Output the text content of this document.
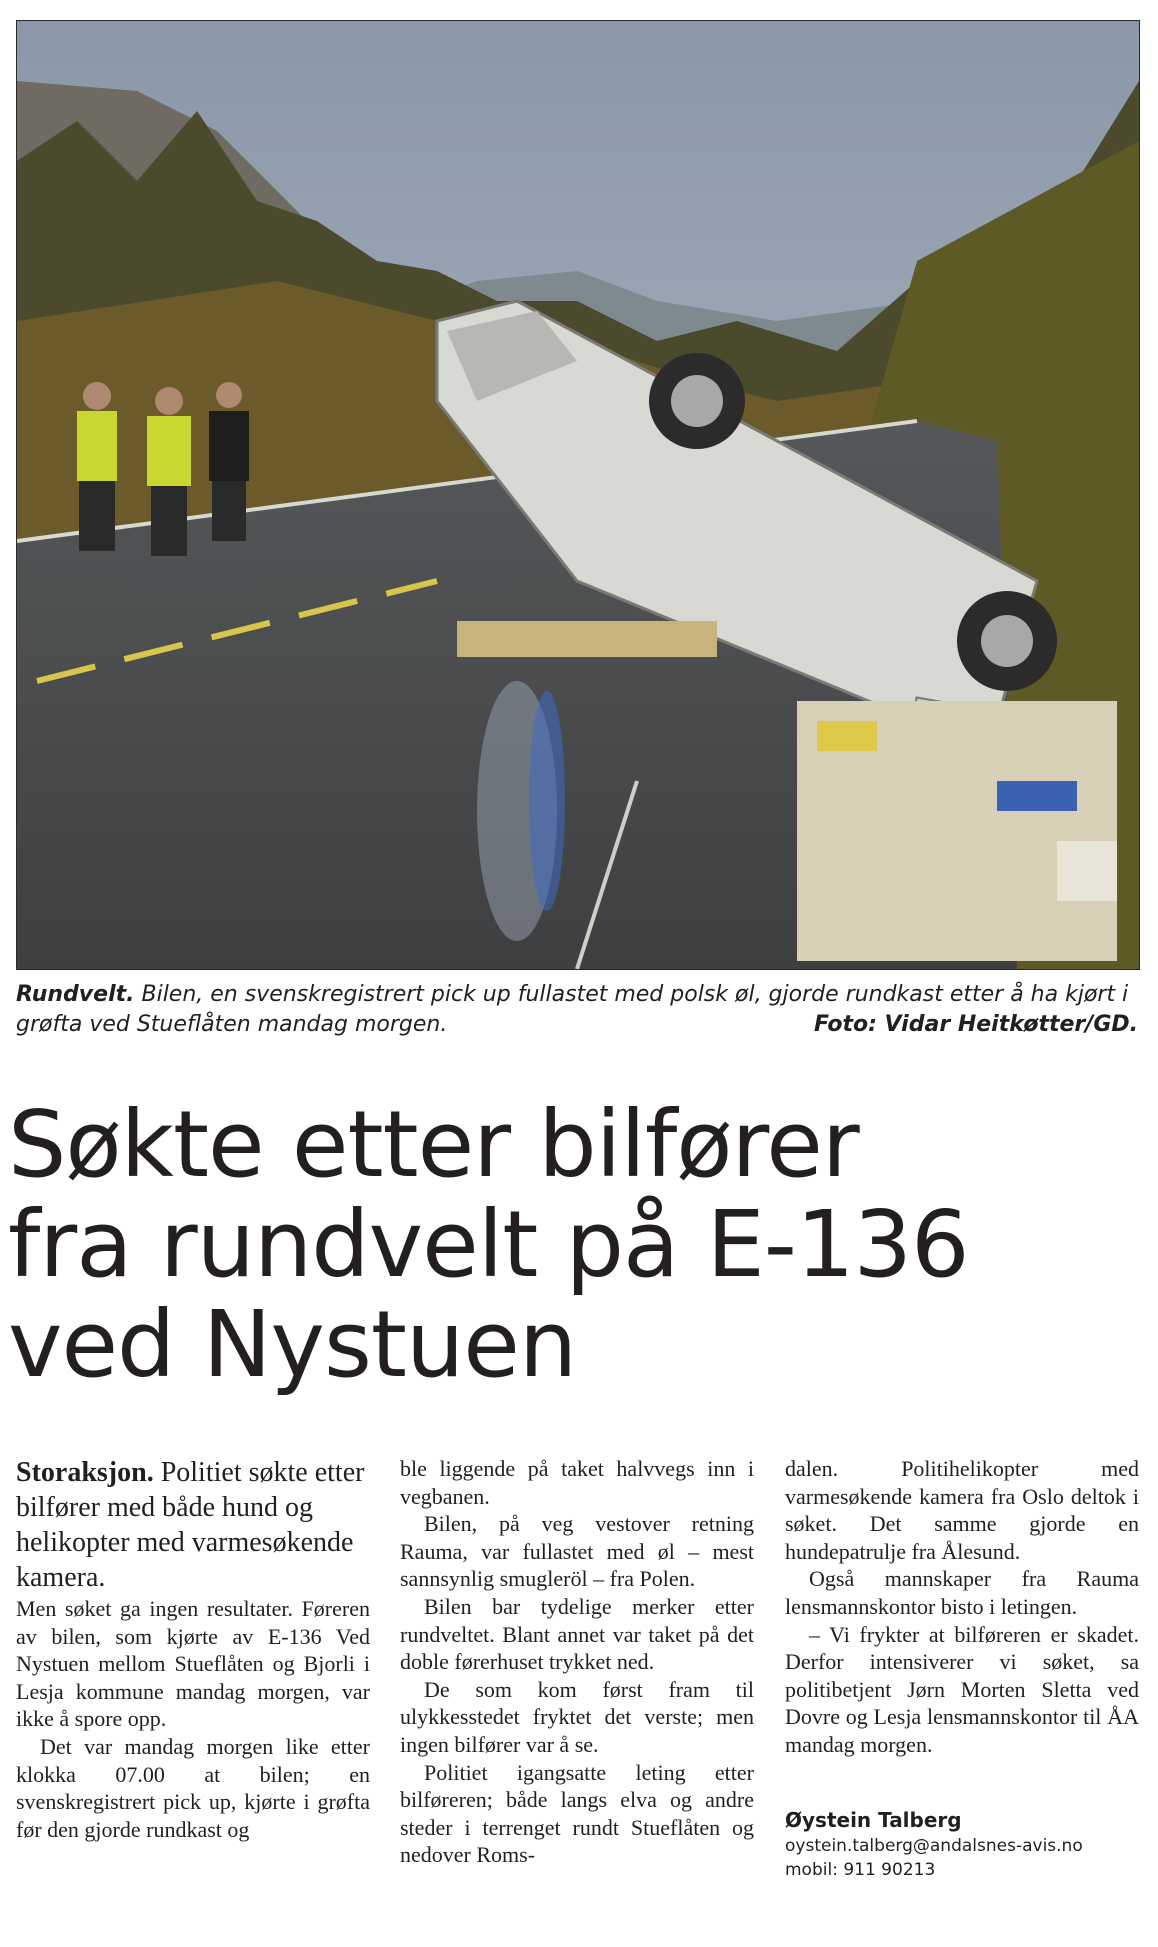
Rundvelt. Bilen, en svenskregistrert pick up fullastet med polsk øl, gjorde rundkast etter å ha kjørt i grøfta ved Stueflåten mandag morgen.	Foto: Vidar Heitkøtter/GD.
Søkte etter bilfører
fra rundvelt på E-136
ved Nystuen

Storaksjon. Politiet søkte etter bilfører med både hund og helikopter med varmesøkende kamera.

Men søket ga ingen resultater. Føreren av bilen, som kjørte av E-136 Ved Nystuen mellom Stueflåten og Bjorli i Lesja kommune mandag morgen, var ikke å spore opp.

Det var mandag morgen like etter klokka 07.00 at bilen; en svenskregistrert pick up, kjørte i grøfta før den gjorde rundkast og

ble liggende på taket halvvegs inn i vegbanen.

Bilen, på veg vestover retning Rauma, var fullastet med øl – mest sannsynlig smugleröl – fra Polen.

Bilen bar tydelige merker etter rundveltet. Blant annet var taket på det doble førerhuset trykket ned.

De som kom først fram til ulykkesstedet fryktet det verste; men ingen bilfører var å se.

Politiet igangsatte leting etter bilføreren; både langs elva og andre steder i terrenget rundt Stueflåten og nedover Roms-

dalen. Politihelikopter med varmesøkende kamera fra Oslo deltok i søket. Det samme gjorde en hundepatrulje fra Ålesund.

Også mannskaper fra Rauma lensmannskontor bisto i letingen.

– Vi frykter at bilføreren er skadet. Derfor intensiverer vi søket, sa politibetjent Jørn Morten Sletta ved Dovre og Lesja lensmannskontor til ÅA mandag morgen.

Øystein Talberg
oystein.talberg@andalsnes-avis.no
mobil: 911 90213
